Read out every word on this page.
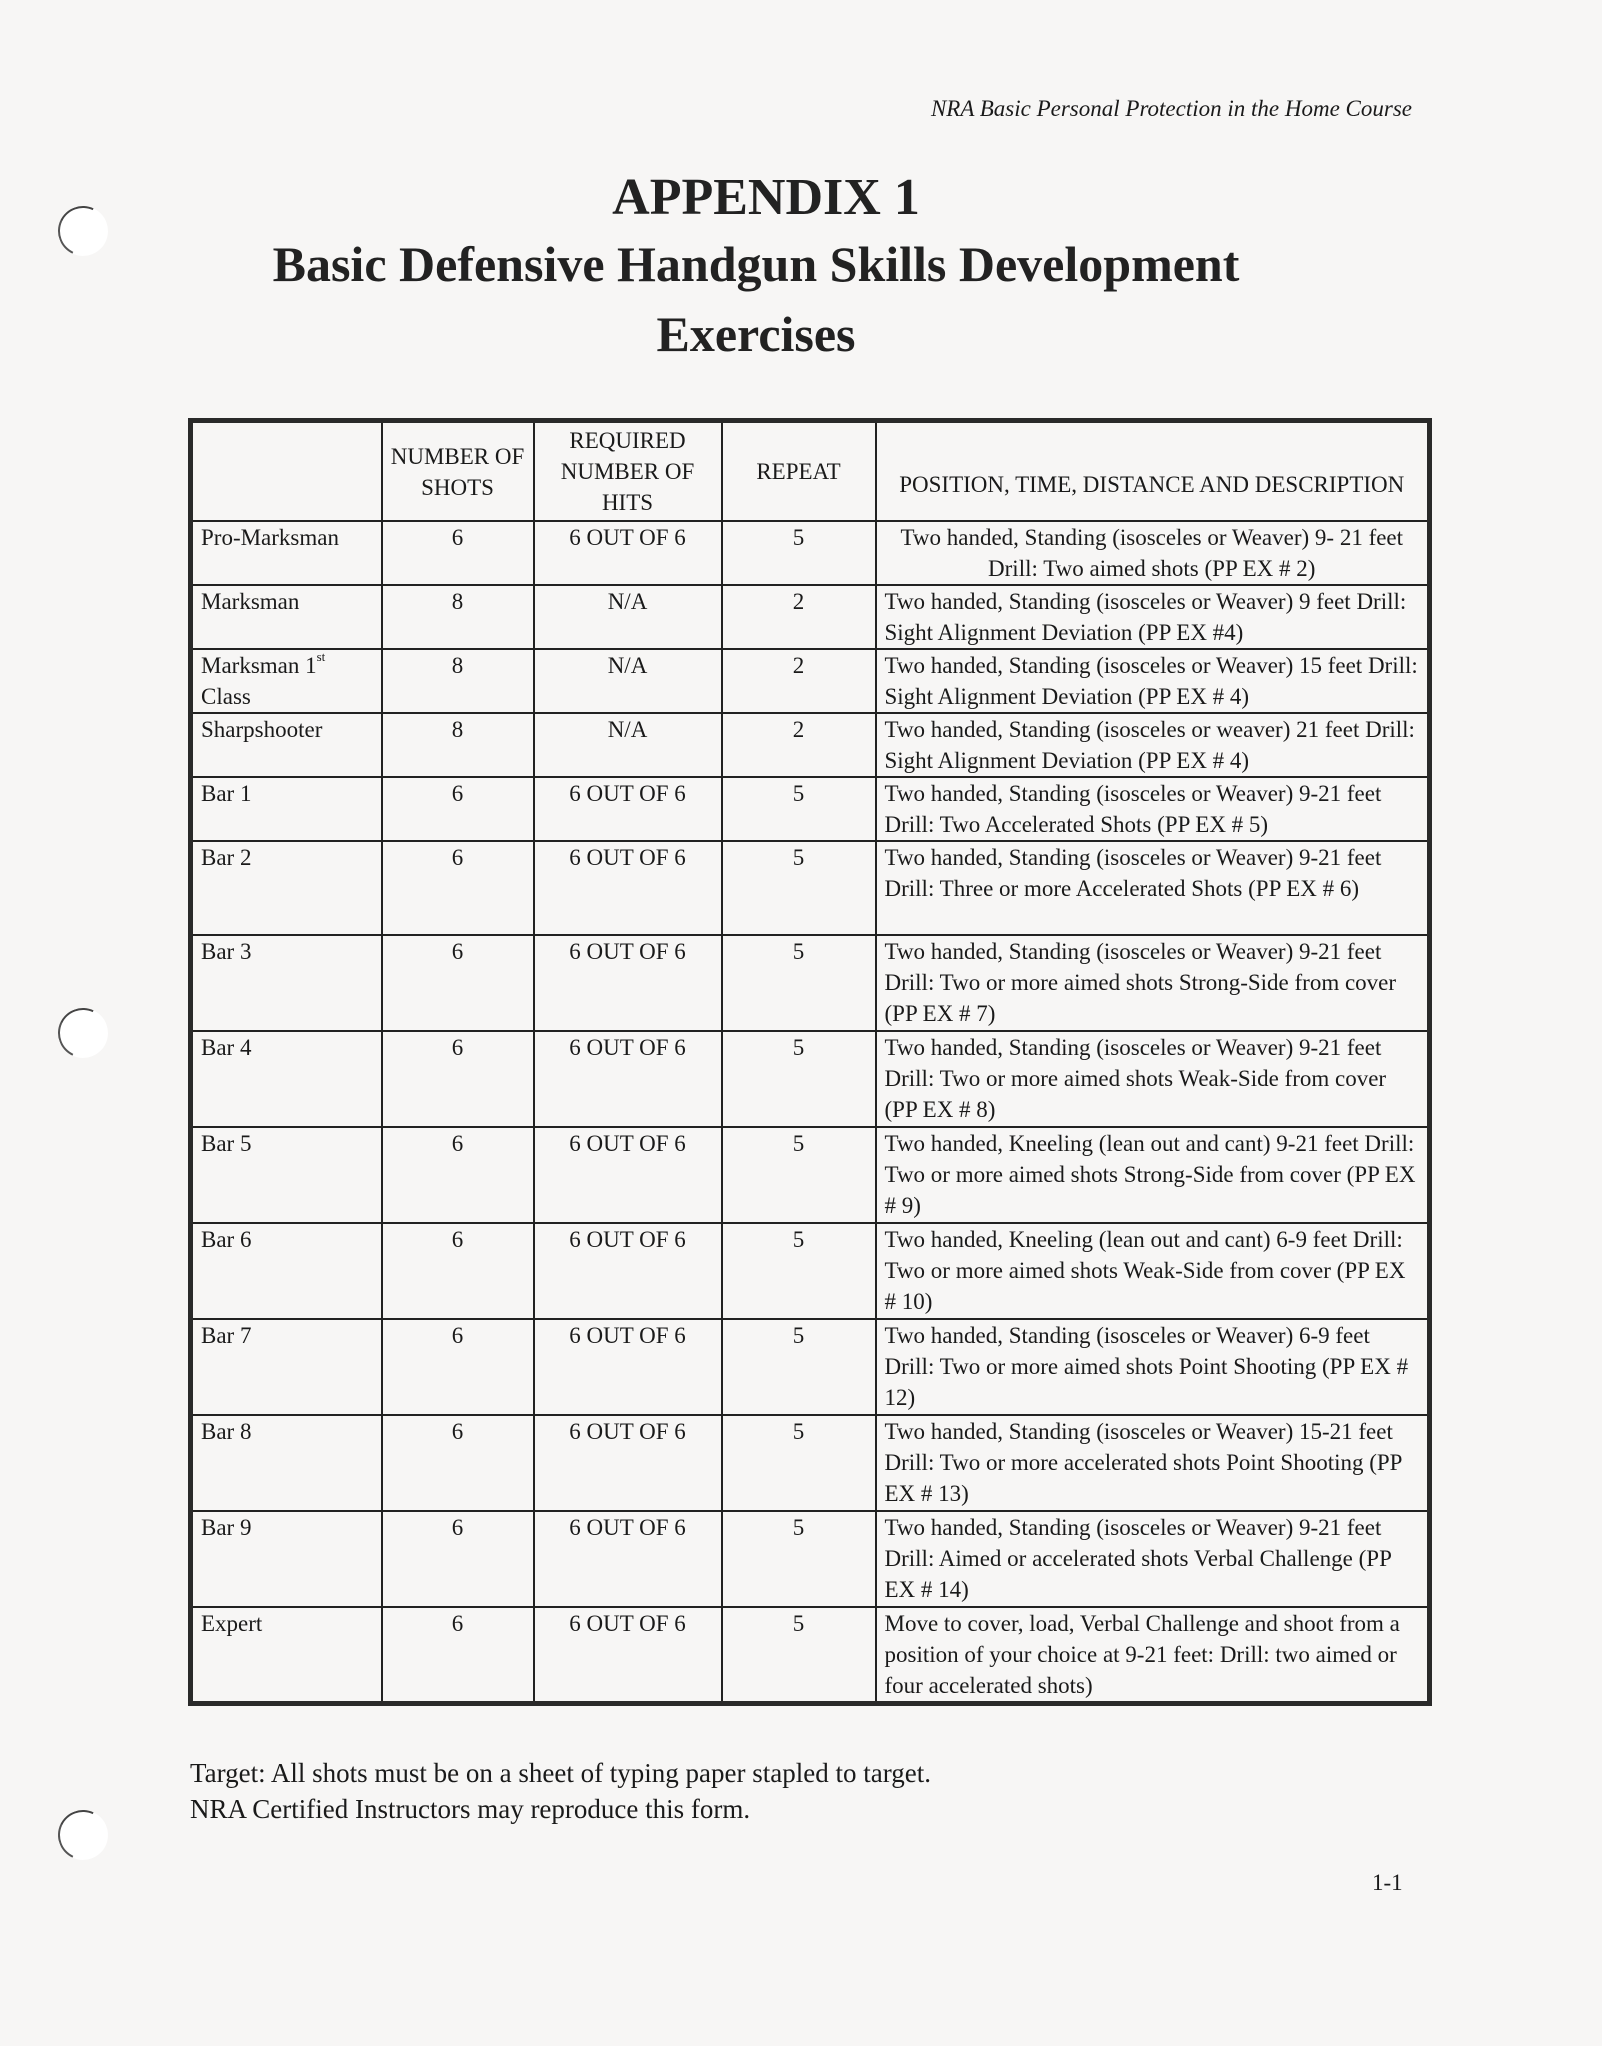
NRA Basic Personal Protection in the Home Course
APPENDIX 1
Basic Defensive Handgun Skills Development
Exercises
	NUMBER OF SHOTS	REQUIRED NUMBER OF HITS	REPEAT	POSITION, TIME, DISTANCE AND DESCRIPTION
Pro-Marksman	6	6 OUT OF 6	5	Two handed, Standing (isosceles or Weaver) 9- 21 feet Drill: Two aimed shots (PP EX # 2)
Marksman	8	N/A	2	Two handed, Standing (isosceles or Weaver) 9 feet Drill: Sight Alignment Deviation (PP EX #4)
Marksman 1st Class	8	N/A	2	Two handed, Standing (isosceles or Weaver) 15 feet Drill: Sight Alignment Deviation (PP EX # 4)
Sharpshooter	8	N/A	2	Two handed, Standing (isosceles or weaver) 21 feet Drill: Sight Alignment Deviation (PP EX # 4)
Bar 1	6	6 OUT OF 6	5	Two handed, Standing (isosceles or Weaver) 9-21 feet Drill: Two Accelerated Shots (PP EX # 5)
Bar 2	6	6 OUT OF 6	5	Two handed, Standing (isosceles or Weaver) 9-21 feet Drill: Three or more Accelerated Shots (PP EX # 6)
Bar 3	6	6 OUT OF 6	5	Two handed, Standing (isosceles or Weaver) 9-21 feet Drill: Two or more aimed shots Strong-Side from cover (PP EX # 7)
Bar 4	6	6 OUT OF 6	5	Two handed, Standing (isosceles or Weaver) 9-21 feet Drill: Two or more aimed shots Weak-Side from cover (PP EX # 8)
Bar 5	6	6 OUT OF 6	5	Two handed, Kneeling (lean out and cant) 9-21 feet Drill: Two or more aimed shots Strong-Side from cover (PP EX # 9)
Bar 6	6	6 OUT OF 6	5	Two handed, Kneeling (lean out and cant) 6-9 feet Drill: Two or more aimed shots Weak-Side from cover (PP EX # 10)
Bar 7	6	6 OUT OF 6	5	Two handed, Standing (isosceles or Weaver) 6-9 feet Drill: Two or more aimed shots Point Shooting (PP EX # 12)
Bar 8	6	6 OUT OF 6	5	Two handed, Standing (isosceles or Weaver) 15-21 feet Drill: Two or more accelerated shots Point Shooting (PP EX # 13)
Bar 9	6	6 OUT OF 6	5	Two handed, Standing (isosceles or Weaver) 9-21 feet Drill: Aimed or accelerated shots Verbal Challenge (PP EX # 14)
Expert	6	6 OUT OF 6	5	Move to cover, load, Verbal Challenge and shoot from a position of your choice at 9-21 feet: Drill: two aimed or four accelerated shots)
Target: All shots must be on a sheet of typing paper stapled to target.
NRA Certified Instructors may reproduce this form.
1-1
